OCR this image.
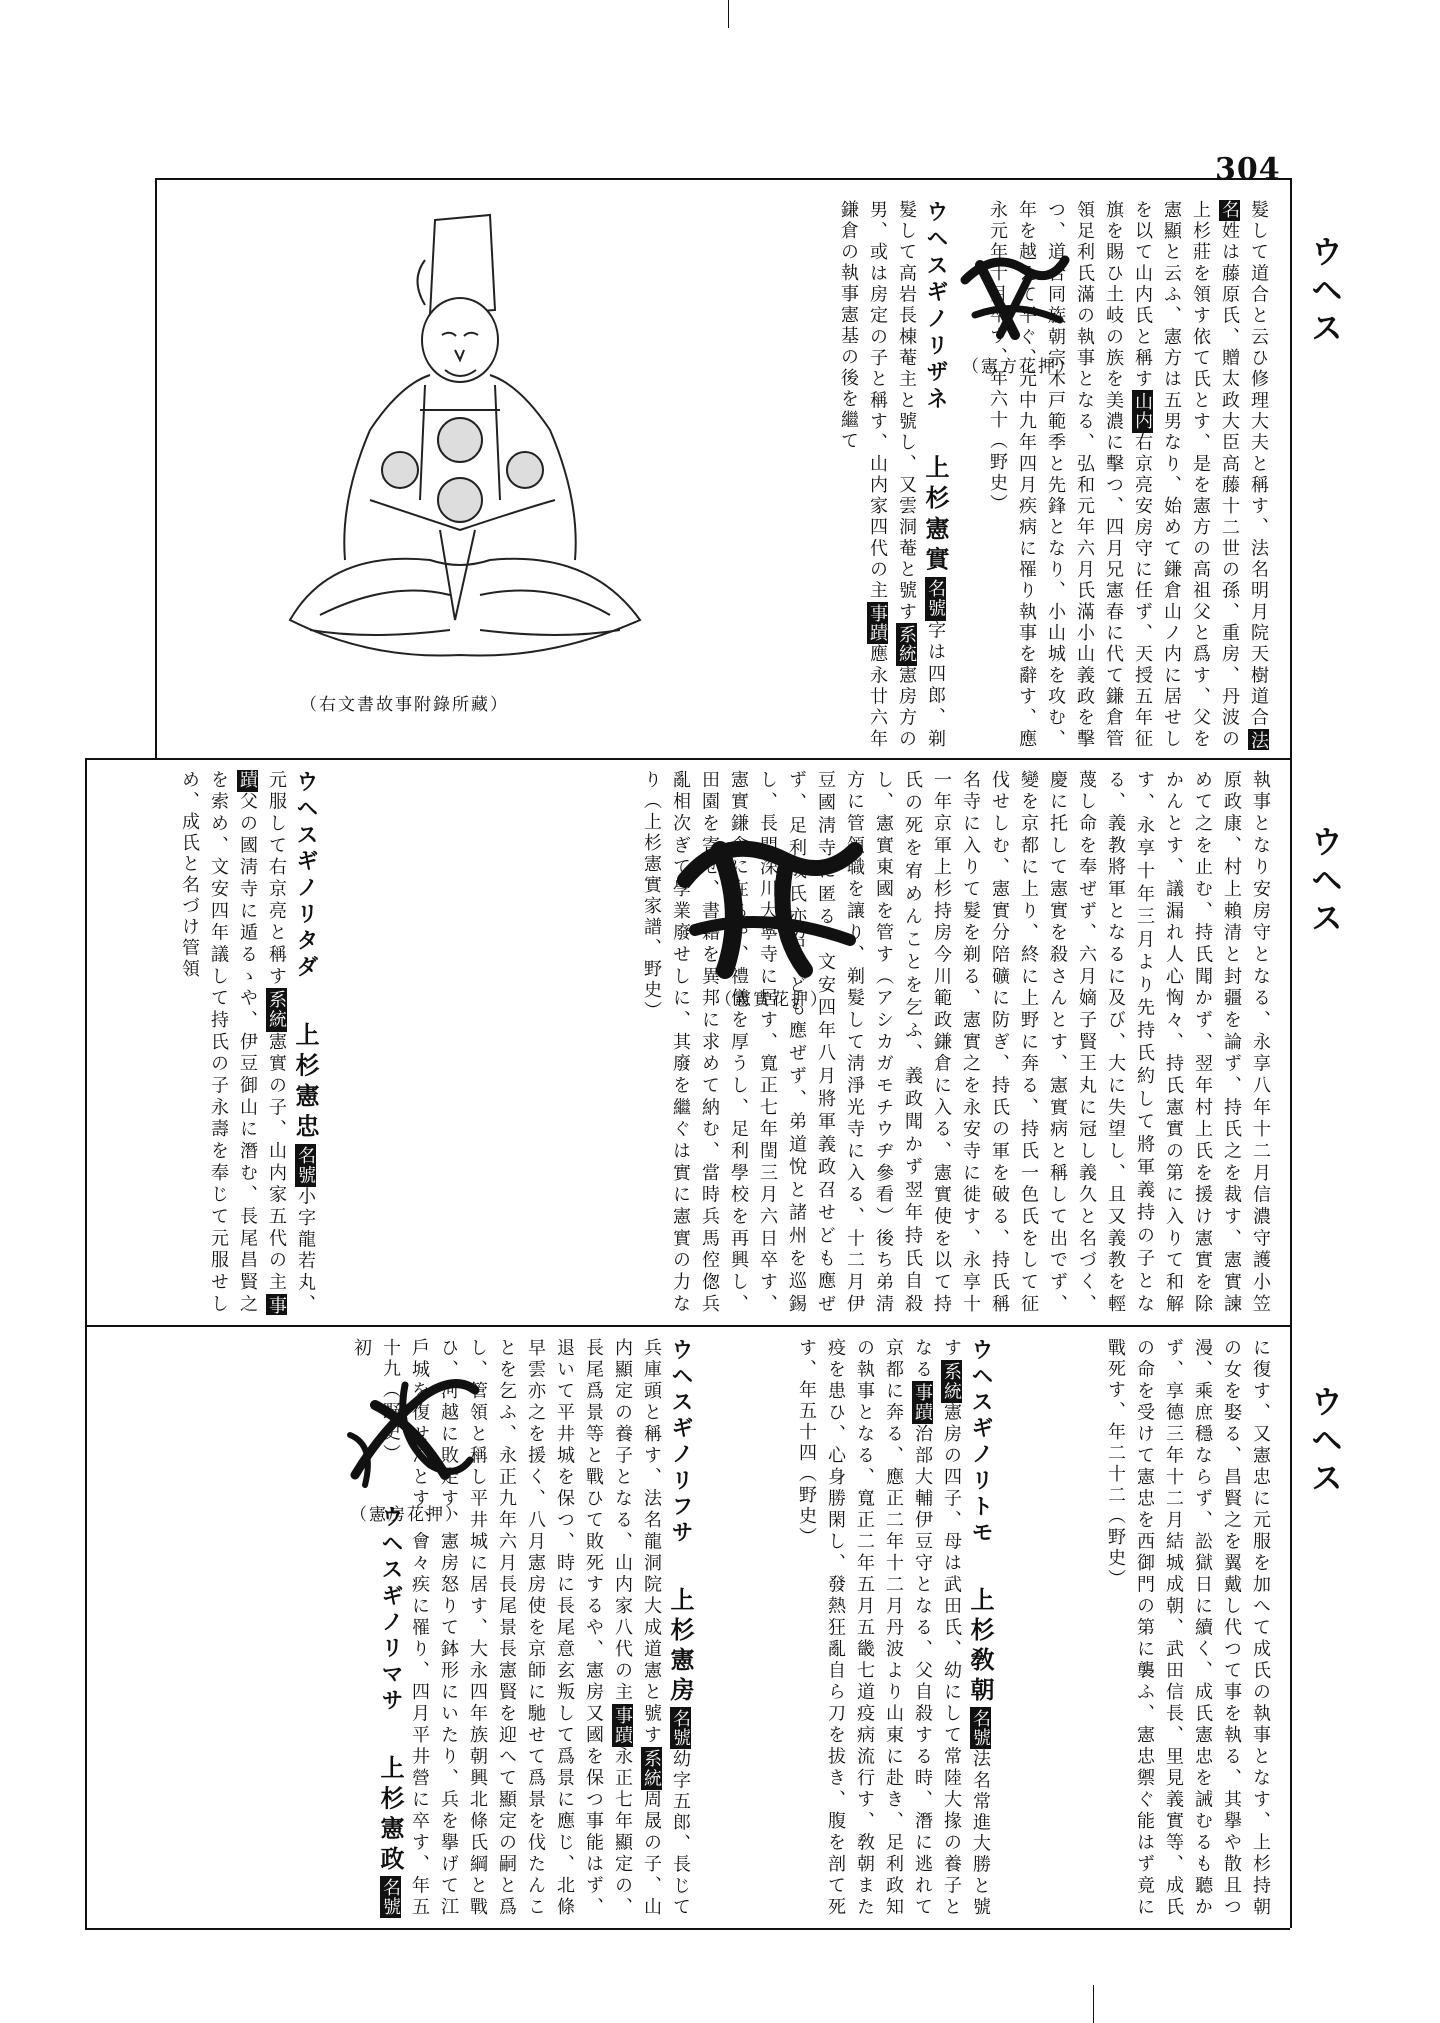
304
ウヘス
ウヘス
ウヘス

髮して道合と云ひ修理大夫と稱す、法名明月院天樹道合法名姓は藤原氏、贈太政大臣高藤十二世の孫、重房、丹波の上杉莊を領す依て氏とす、是を憲方の高祖父と爲す、父を憲顯と云ふ、憲方は五男なり、始めて鎌倉山ノ内に居せしを以て山内氏と稱す山内右京亮安房守に任ず、天授五年征旗を賜ひ土岐の族を美濃に擊つ、四月兄憲春に代て鎌倉管領足利氏滿の執事となる、弘和元年六月氏滿小山義政を擊つ、道合同族朝宗木戸範季と先鋒となり、小山城を攻む、年を越えて平ぐ、元中九年四月疾病に罹り執事を辭す、應永元年十月卒す、年六十（野史）

（憲方花押）

ウヘスギノリザネ上杉憲實名號字は四郎、剃髮して高岩長棟菴主と號し、又雲洞菴と號す系統憲房方の男、或は房定の子と稱す、山内家四代の主事蹟應永廿六年鎌倉の執事憲基の後を繼て

（右文書故事附錄所藏）

執事となり安房守となる、永享八年十二月信濃守護小笠原政康、村上賴清と封疆を論ず、持氏之を裁す、憲實諫めて之を止む、持氏聞かず、翌年村上氏を援け憲實を除かんとす、議漏れ人心恟々、持氏憲實の第に入りて和解す、永享十年三月より先持氏約して將軍義持の子となる、義教將軍となるに及び、大に失望し、且又義教を輕蔑し命を奉ぜず、六月嫡子賢王丸に冠し義久と名づく、慶に托して憲實を殺さんとす、憲實病と稱して出でず、變を京都に上り、終に上野に奔る、持氏一色氏をして征伐せしむ、憲實分陪礦に防ぎ、持氏の軍を破る、持氏稱名寺に入りて髮を剃る、憲實之を永安寺に徙す、永享十一年京軍上杉持房今川範政鎌倉に入る、憲實使を以て持氏の死を宥めんことを乞ふ、義政聞かず翌年持氏自殺し、憲實東國を管す（アシカガモチウヂ參看）後ち弟淸方に管領職を讓り、剃髮して淸淨光寺に入る、十二月伊豆國淸寺に匿る、文安四年八月將軍義政召せども應ぜず、足利成氏亦召せども應ぜず、弟道悅と諸州を巡錫し、長門深川大寧寺に居す、寬正七年閏三月六日卒す、憲實鎌倉に在るや、禮儀を厚うし、足利學校を再興し、田園を寄せ、書籍を異邦に求めて納む、當時兵馬倥偬兵亂相次ぎて學業廢せしに、其廢を繼ぐは實に憲實の力なり（上杉憲實家譜、野史）	（憲實花押）

ウヘスギノリタダ上杉憲忠名號小字龍若丸、元服して右京亮と稱す系統憲實の子、山内家五代の主事蹟父の國淸寺に遁るゝや、伊豆御山に潛む、長尾昌賢之を索め、文安四年議して持氏の子永壽を奉じて元服せしめ、成氏と名づけ管領

に復す、又憲忠に元服を加へて成氏の執事となす、上杉持朝の女を娶る、昌賢之を翼戴し代つて事を執る、其擧や散且つ漫、乘庶穩ならず、訟獄日に續く、成氏憲忠を誡むるも聽かず、享德三年十二月結城成朝、武田信長、里見義實等、成氏の命を受けて憲忠を西御門の第に襲ふ、憲忠禦ぐ能はず竟に戰死す、年二十二（野史）

ウヘスギノリトモ上杉敎朝名號法名常進大勝と號す系統憲房の四子、母は武田氏、幼にして常陸大掾の養子となる事蹟治部大輔伊豆守となる、父自殺する時、潛に逃れて京都に奔る、應正二年十二月丹波より山東に赴き、足利政知の執事となる、寬正二年五月五畿七道疫病流行す、敎朝また疫を患ひ、心身勝閑し、發熱狂亂自ら刀を拔き、腹を剖て死す、年五十四（野史）

ウヘスギノリフサ上杉憲房名號幼字五郎、長じて兵庫頭と稱す、法名龍洞院大成道憲と號す系統周晟の子、山内顯定の養子となる、山内家八代の主事蹟永正七年顯定の、長尾爲景等と戰ひて敗死するや、憲房又國を保つ事能はず、退いて平井城を保つ、時に長尾意玄叛して爲景に應じ、北條早雲亦之を援く、八月憲房使を京師に馳せて爲景を伐たんことを乞ふ、永正九年六月長尾景長憲賢を迎へて顯定の嗣と爲し、管領と稱し平井城に居す、大永四年族朝興北條氏綱と戰ひ、河越に敗走す、憲房怒りて鉢形にいたり、兵を擧げて江戶城を復せんとす、會々疾に罹り、四月平井營に卒す、年五十九（野史）ウヘスギノリマサ上杉憲政名號初

（憲房花押）
